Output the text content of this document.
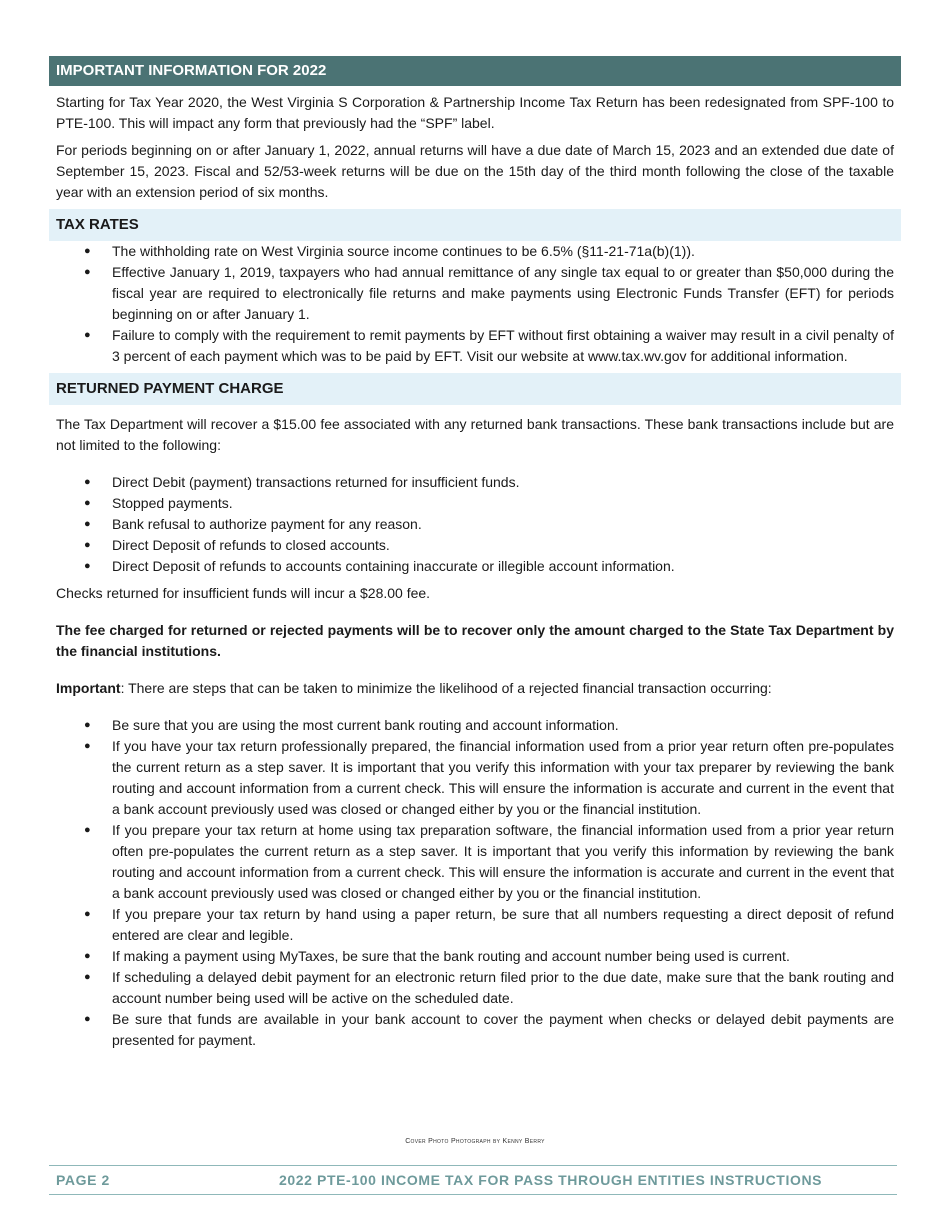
IMPORTANT INFORMATION FOR 2022

Starting for Tax Year 2020, the West Virginia S Corporation & Partnership Income Tax Return has been redesignated from SPF-100 to PTE-100. This will impact any form that previously had the “SPF” label.

For periods beginning on or after January 1, 2022, annual returns will have a due date of March 15, 2023 and an extended due date of September 15, 2023. Fiscal and 52/53-week returns will be due on the 15th day of the third month following the close of the taxable year with an extension period of six months.

TAX RATES
● The withholding rate on West Virginia source income continues to be 6.5% (§11-21-71a(b)(1)).
● Effective January 1, 2019, taxpayers who had annual remittance of any single tax equal to or greater than $50,000 during the fiscal year are required to electronically file returns and make payments using Electronic Funds Transfer (EFT) for periods beginning on or after January 1.
● Failure to comply with the requirement to remit payments by EFT without first obtaining a waiver may result in a civil penalty of 3 percent of each payment which was to be paid by EFT. Visit our website at www.tax.wv.gov for additional information.
RETURNED PAYMENT CHARGE

The Tax Department will recover a $15.00 fee associated with any returned bank transactions. These bank transactions include but are not limited to the following:

● Direct Debit (payment) transactions returned for insufficient funds.
● Stopped payments.
● Bank refusal to authorize payment for any reason.
● Direct Deposit of refunds to closed accounts.
● Direct Deposit of refunds to accounts containing inaccurate or illegible account information.

Checks returned for insufficient funds will incur a $28.00 fee.

The fee charged for returned or rejected payments will be to recover only the amount charged to the State Tax Department by the financial institutions.

Important: There are steps that can be taken to minimize the likelihood of a rejected financial transaction occurring:

● Be sure that you are using the most current bank routing and account information.
● If you have your tax return professionally prepared, the financial information used from a prior year return often pre-populates the current return as a step saver. It is important that you verify this information with your tax preparer by reviewing the bank routing and account information from a current check. This will ensure the information is accurate and current in the event that a bank account previously used was closed or changed either by you or the financial institution.
● If you prepare your tax return at home using tax preparation software, the financial information used from a prior year return often pre-populates the current return as a step saver. It is important that you verify this information by reviewing the bank routing and account information from a current check. This will ensure the information is accurate and current in the event that a bank account previously used was closed or changed either by you or the financial institution.
● If you prepare your tax return by hand using a paper return, be sure that all numbers requesting a direct deposit of refund entered are clear and legible.
● If making a payment using MyTaxes, be sure that the bank routing and account number being used is current.
● If scheduling a delayed debit payment for an electronic return filed prior to the due date, make sure that the bank routing and account number being used will be active on the scheduled date.
● Be sure that funds are available in your bank account to cover the payment when checks or delayed debit payments are presented for payment.
Cover Photo Photograph by Kenny Berry
PAGE 2	2022 PTE-100 INCOME TAX FOR PASS THROUGH ENTITIES INSTRUCTIONS
